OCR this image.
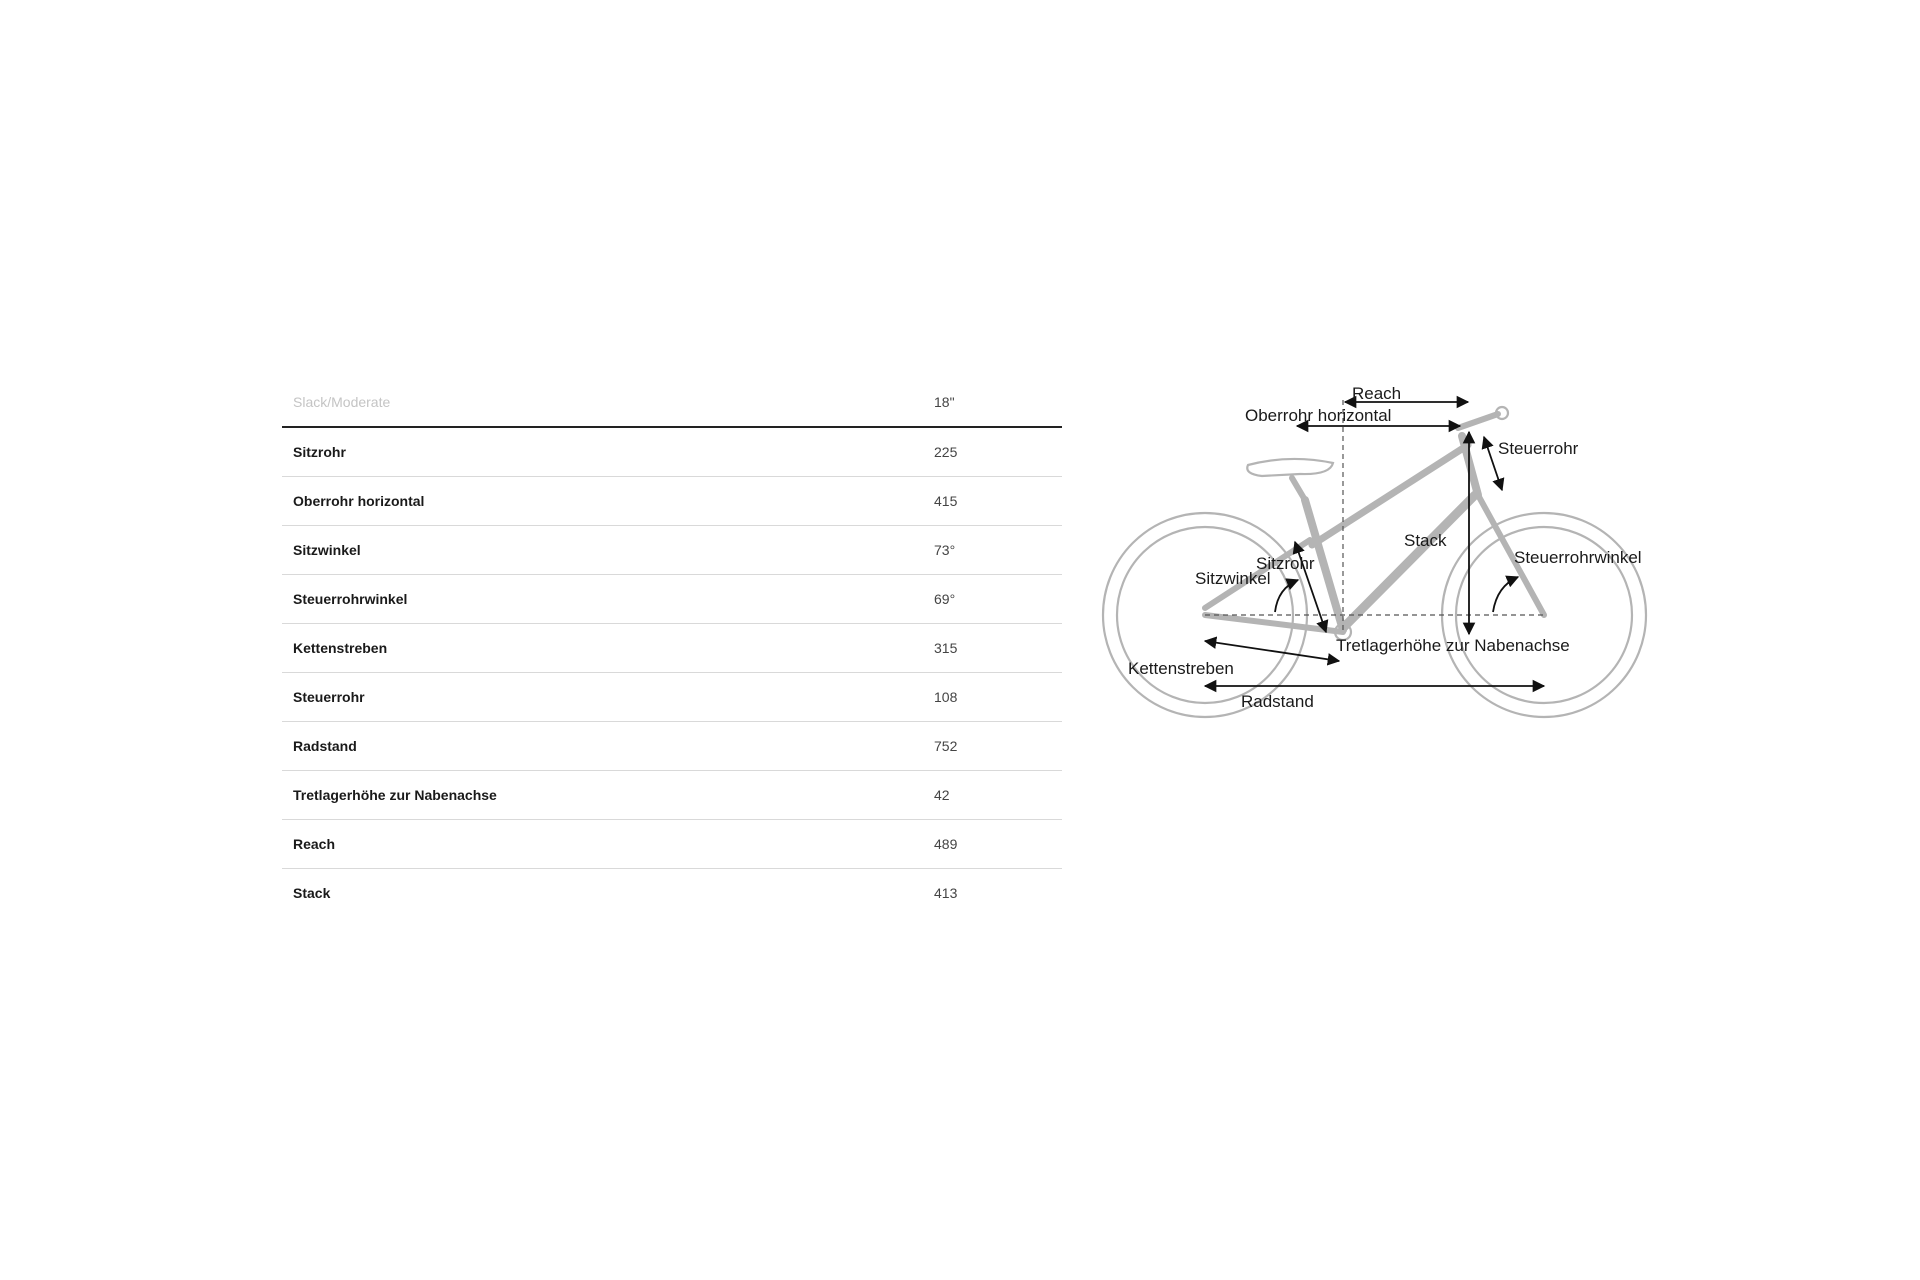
Slack/Moderate	18"
Sitzrohr	225
Oberrohr horizontal	415
Sitzwinkel	73°
Steuerrohrwinkel	69°
Kettenstreben	315
Steuerrohr	108
Radstand	752
Tretlagerhöhe zur Nabenachse	42
Reach	489
Stack	413
Reach
Oberrohr horizontal
Steuerrohr
Stack
Sitzrohr
Sitzwinkel
Steuerrohrwinkel
Tretlagerhöhe zur Nabenachse
Kettenstreben
Radstand
